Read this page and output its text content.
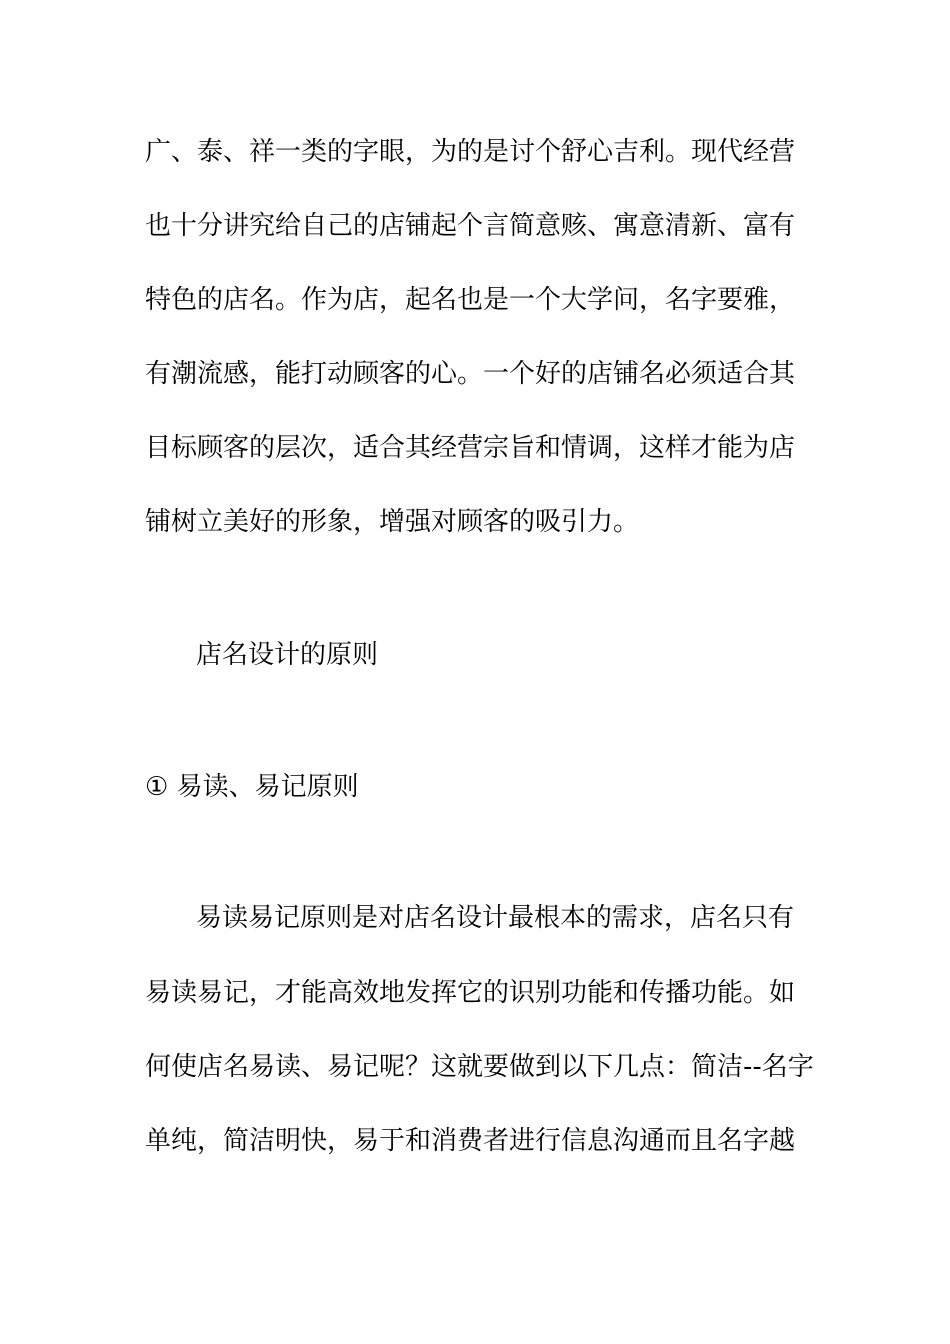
广、泰、祥一类的字眼，为的是讨个舒心吉利。现代经营
也十分讲究给自己的店铺起个言简意赅、寓意清新、富有
特色的店名。作为店，起名也是一个大学问，名字要雅，
有潮流感，能打动顾客的心。一个好的店铺名必须适合其
目标顾客的层次，适合其经营宗旨和情调，这样才能为店
铺树立美好的形象，增强对顾客的吸引力。
店名设计的原则
① 易读、易记原则
易读易记原则是对店名设计最根本的需求，店名只有
易读易记，才能高效地发挥它的识别功能和传播功能。如
何使店名易读、易记呢？这就要做到以下几点：简洁--名字
单纯，简洁明快，易于和消费者进行信息沟通而且名字越
